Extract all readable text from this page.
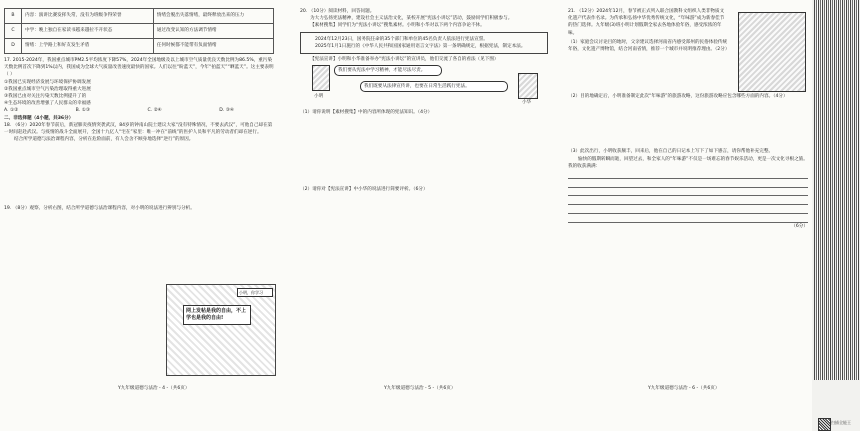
B	内容：演讲比赛发挥失常，没有为班级争得荣誉	情绪会脱出失落情绪，最终释放出来的压力
C	中学：晚上独自在家读书越来越拉不开状态	通过改变认知的方法调节情绪
D	情绪：上学路上和好友发生矛盾	任何时候都不能带有负面情绪

17. 2015-2024年，我国重点城市PM2.5平均浓度下降57%，2024年全国地级及以上城市空气质量优良天数比例为86.5%，重污染天数比例首次下降到1%以内，我国成为全球大气质量改善速度最快的国家。人们以往“盼蓝天”，今年“拍蓝天”“晒蓝天”。这主要表明（ ）

①我国已实现经济发展与环境保护协调发展

②我国重点城市空气污染治理取得重大进展

③我国已由对关注污染天数比例提升了的

④生态环境的改善增强了人民群众的幸福感

A. ①②	B. ①③	C. ②④	D. ③④

二、非选择题（4小题，共36分）

18. （6分）2020年春节前后，新冠肺炎疫情突袭武汉，84岁的钟南山院士建议大家“没有特殊情况，不要去武汉”，可他自己却在第一时间赶赴武汉。与疫情的战斗全面展开，全国十九亿人“宅在”家里：唯一冲在“前线”的医护人员和平凡的劳动者们却在逆行。

结合所学道德与法治课程内容，分析在危险面前，有人会舍不顾身地选择“逆行”的原因。

19. （8分）观察、分析右图，结合所学道德与法治课程内容，对小明的说法进行辨别与分析。

网上发帖是我的自由，不上学也是我的自由!
小明，你学习
Y九年级道德与法治 - 4 -（共6页）

20. （10分）阅读材料，回答问题。

为大力弘扬宪法精神，建设社会主义法治文化，某校开展“宪法小讲坛”活动，鼓励同学们积极参与。

【素材搜集】同学们为“宪法小讲坛”搜集素材。小明和小华对以下两个内容争论不休。

2024年12月23日，国务院任命的35个部门和单位的45名负责人依法进行宪法宣誓。

2025年1月1日施行的《中华人民共和国国家通用语言文字法》第一条明确规定，根据宪法，制定本法。

【宪法宣讲】小明和小华准备举办“宪法小讲坛”的宣讲员，他们交流了各自的看法（见下图）

我们要从宪法中学习精神，才能尽法尽责。
我们既要从法律宣传讲，也要在日常生活践行宪法。
小明
小华

（1）请你说明【素材搜集】中的内容所体现的宪法知识。（4分）

（2）请你对【宪法宣讲】中小华的说法进行简要评析。（6分）

Y九年级道德与法治 - 5 -（共6页）

21. （12分）2024年12月，春节被正式列入联合国教科文组织人类非物质文化遗产代表作名录。为传承和弘扬中华优秀传统文化，“年味游”成为新春佳节的热门选择。九年级(3)班小明计划假期全家去各地体验年俗，感受浓浓的年味。

（1）家庭会议讨论目的地时，父亲建议选择河南省内感受郑州的民俗体验传统年俗，文化遗产博物馆，结合河南省情，推荐一个城市并说明推荐理由。（2分）

（2）目的地确定后，小明准备制定此次“年味游”的旅游攻略，这份旅游攻略应包含哪些方面的内容。（4分）

（3）此次出行，小明收获颇丰，回来后，他在自己的日记本上写下了如下感言，请你帮他补充完整。

愉快的假期转瞬而逝，回望过去，和全家人的“年味游”不仅是一场难忘的春节娱乐活动，更是一次文化寻根之旅。我的收获满满：

（6分）

Y九年级道德与法治 - 6 -（共6页）
扫描全能王
